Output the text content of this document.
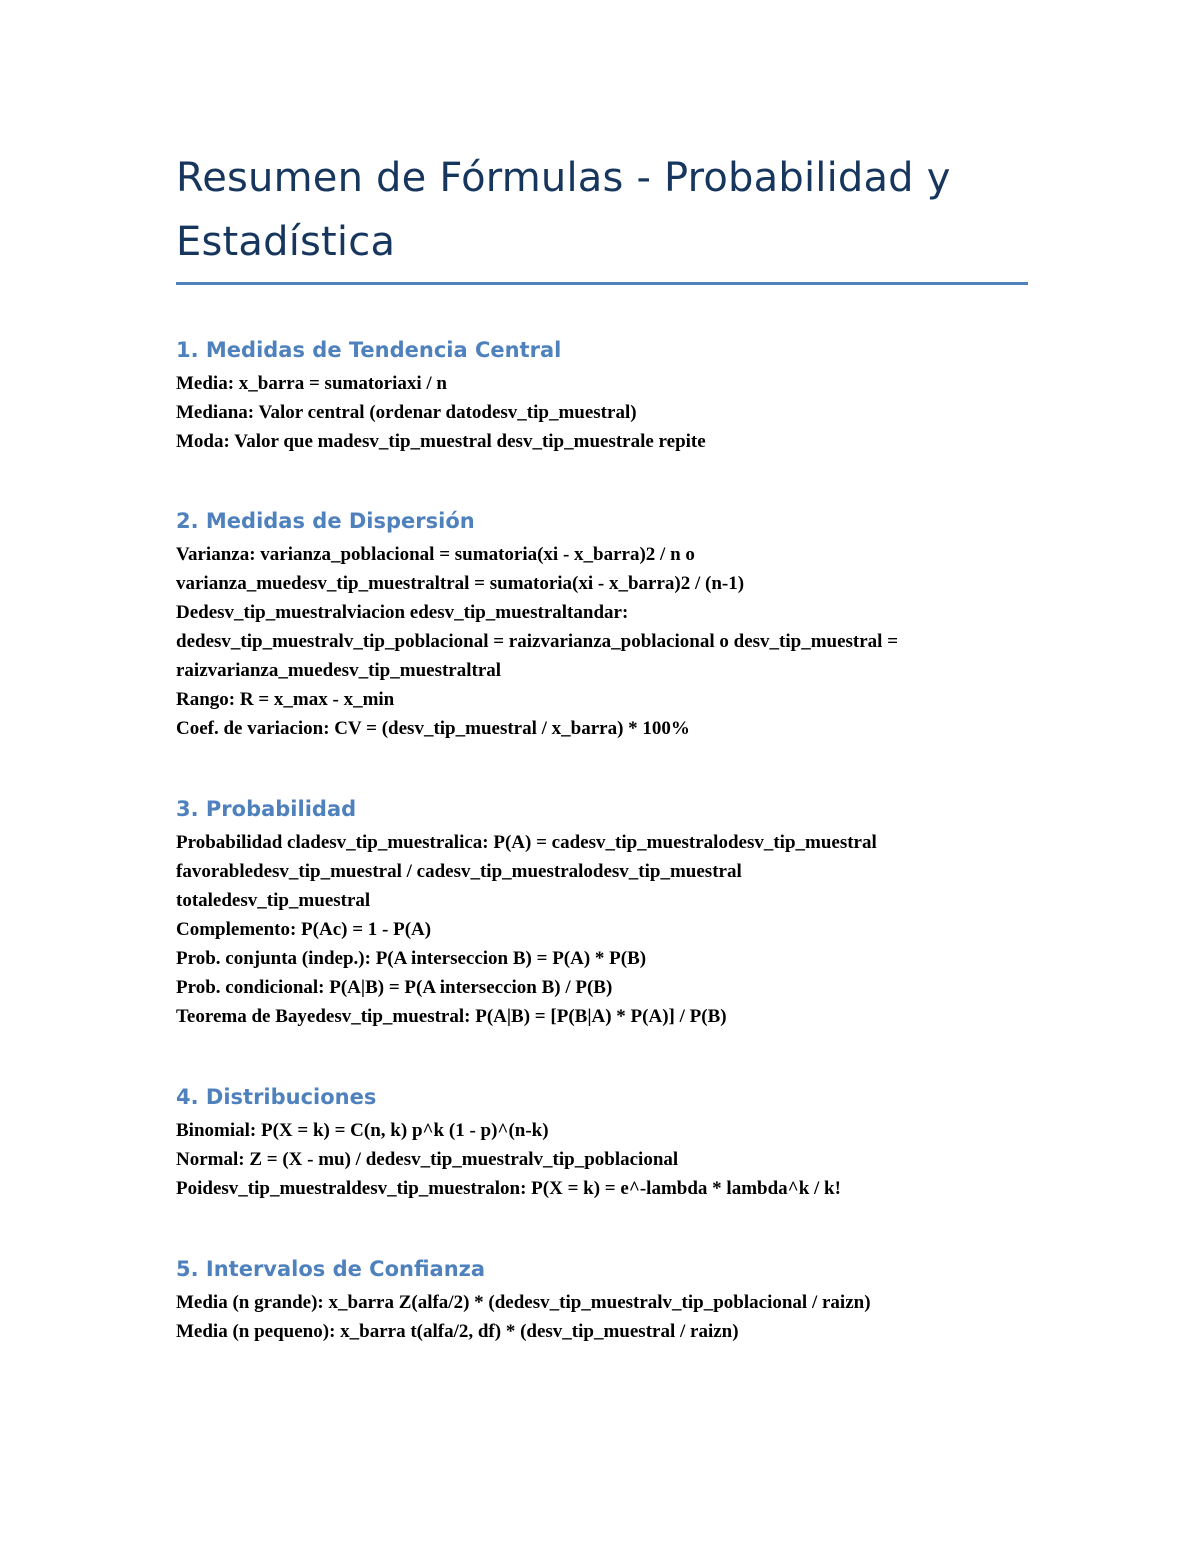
Resumen de Fórmulas - Probabilidad y
Estadística
1. Medidas de Tendencia Central

Media: x_barra = sumatoriaxi / n

Mediana: Valor central (ordenar datodesv_tip_muestral)

Moda: Valor que madesv_tip_muestral desv_tip_muestrale repite

2. Medidas de Dispersión

Varianza: varianza_poblacional = sumatoria(xi - x_barra)2 / n o

varianza_muedesv_tip_muestraltral = sumatoria(xi - x_barra)2 / (n-1)

Dedesv_tip_muestralviacion edesv_tip_muestraltandar:

dedesv_tip_muestralv_tip_poblacional = raizvarianza_poblacional o desv_tip_muestral =

raizvarianza_muedesv_tip_muestraltral

Rango: R = x_max - x_min

Coef. de variacion: CV = (desv_tip_muestral / x_barra) * 100%

3. Probabilidad

Probabilidad cladesv_tip_muestralica: P(A) = cadesv_tip_muestralodesv_tip_muestral

favorabledesv_tip_muestral / cadesv_tip_muestralodesv_tip_muestral

totaledesv_tip_muestral

Complemento: P(Ac) = 1 - P(A)

Prob. conjunta (indep.): P(A interseccion B) = P(A) * P(B)

Prob. condicional: P(A|B) = P(A interseccion B) / P(B)

Teorema de Bayedesv_tip_muestral: P(A|B) = [P(B|A) * P(A)] / P(B)

4. Distribuciones

Binomial: P(X = k) = C(n, k) p^k (1 - p)^(n-k)

Normal: Z = (X - mu) / dedesv_tip_muestralv_tip_poblacional

Poidesv_tip_muestraldesv_tip_muestralon: P(X = k) = e^-lambda * lambda^k / k!

5. Intervalos de Confianza

Media (n grande): x_barra Z(alfa/2) * (dedesv_tip_muestralv_tip_poblacional / raizn)

Media (n pequeno): x_barra t(alfa/2, df) * (desv_tip_muestral / raizn)
